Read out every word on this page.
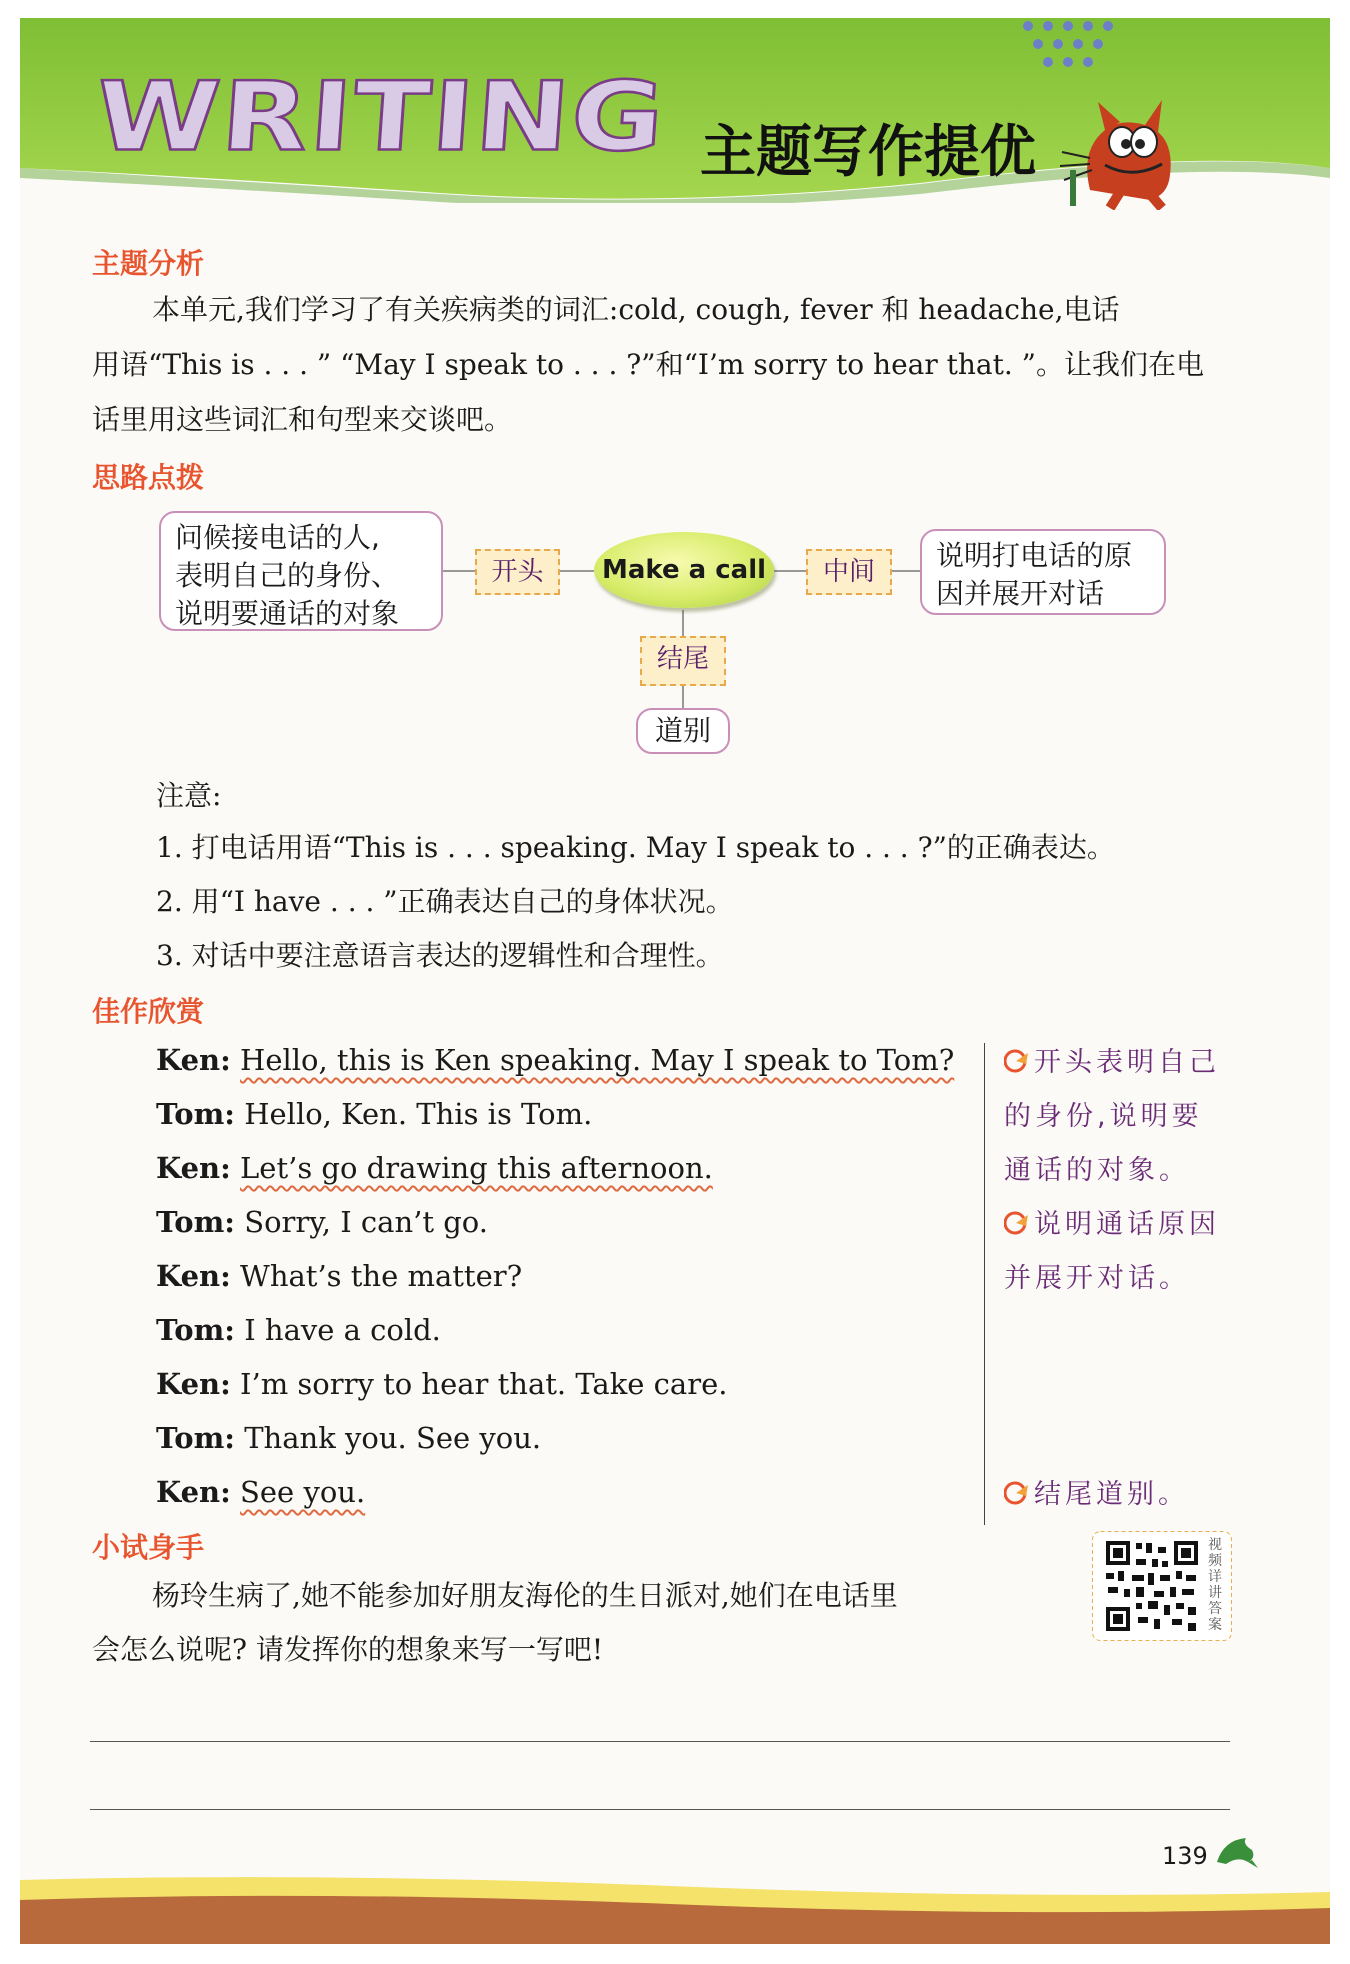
WRITING 主题写作提优
主题分析

本单元,我们学习了有关疾病类的词汇:cold, cough, fever 和 headache,电话

用语“This is . . . ” “May I speak to . . . ?”和“I’m sorry to hear that. ”。让我们在电

话里用这些词汇和句型来交谈吧。

思路点拨
问候接电话的人,
表明自己的身份、
说明要通话的对象
开头	Make a call	中间	说明打电话的原
因并展开对话
结尾
道别

注意:

1. 打电话用语“This is . . . speaking. May I speak to . . . ?”的正确表达。

2. 用“I have . . . ”正确表达自己的身体状况。

3. 对话中要注意语言表达的逻辑性和合理性。

佳作欣赏

Ken: Hello, this is Ken speaking. May I speak to Tom?

Tom: Hello, Ken. This is Tom.

Ken: Let’s go drawing this afternoon.

Tom: Sorry, I can’t go.

Ken: What’s the matter?

Tom: I have a cold.

Ken: I’m sorry to hear that. Take care.

Tom: Thank you. See you.

Ken: See you.

开头表明自己
的身份,说明要
通话的对象。
说明通话原因
并展开对话。
结尾道别。
小试身手

杨玲生病了,她不能参加好朋友海伦的生日派对,她们在电话里

会怎么说呢? 请发挥你的想象来写一写吧!

视频详讲答案

139
